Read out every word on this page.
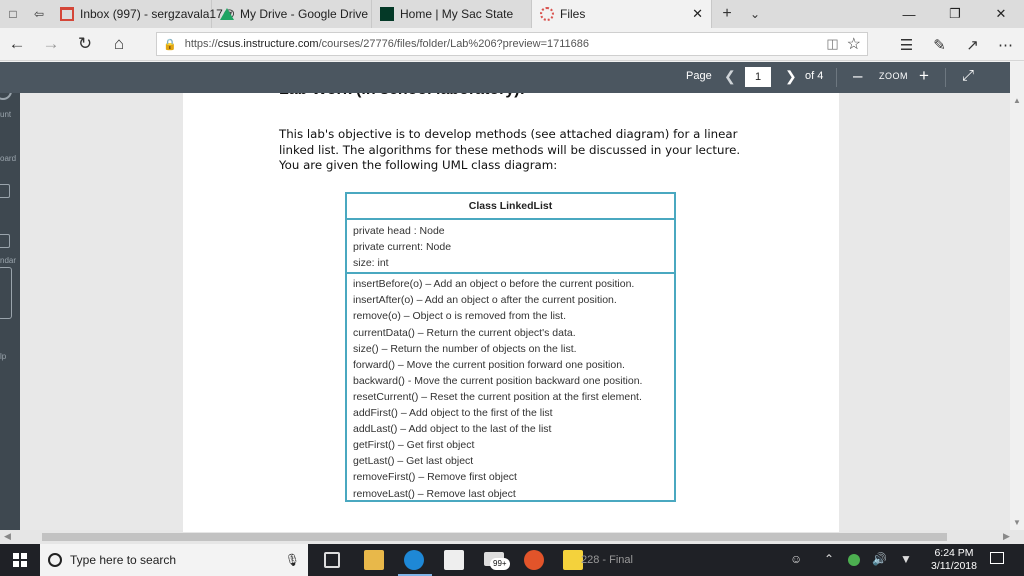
□	⇦	Inbox (997) - sergzavala17@ My Drive - Google Drive	Home | My Sac State	Files	✕	+	⌄	—	❐	✕
←	→	↻	⌂	🔒 https:// csus.instructure.com /courses/27776/files/folder/Lab%206?preview=1711686	◫ ☆	☰	✎	↗	⋯
Page ❮	1	❯ of 4 – ZOOM + ⤢
unt
oard
ndar
lp

This lab's objective is to develop methods (see attached diagram) for a linear linked list. The algorithms for these methods will be discussed in your lecture. You are given the following UML class diagram:

Class LinkedList
private head : Node
private current: Node
size: int
insertBefore(o) – Add an object o before the current position.
insertAfter(o) – Add an object o after the current position.
remove(o) – Object o is removed from the list.
currentData() – Return the current object's data.
size() – Return the number of objects on the list.
forward() – Move the current position forward one position.
backward() - Move the current position backward one position.
resetCurrent() – Reset the current position at the first element.
addFirst() – Add object to the first of the list
addLast() – Add object to the last of the list
getFirst() – Get first object
getLast() – Get last object
removeFirst() – Remove first object
removeLast() – Remove last object
▲
▼
◀	▶
Type here to search	🎙	99+	228 - Final	☺ ⌃	🔊 ▼	6:24 PM
3/11/2018
